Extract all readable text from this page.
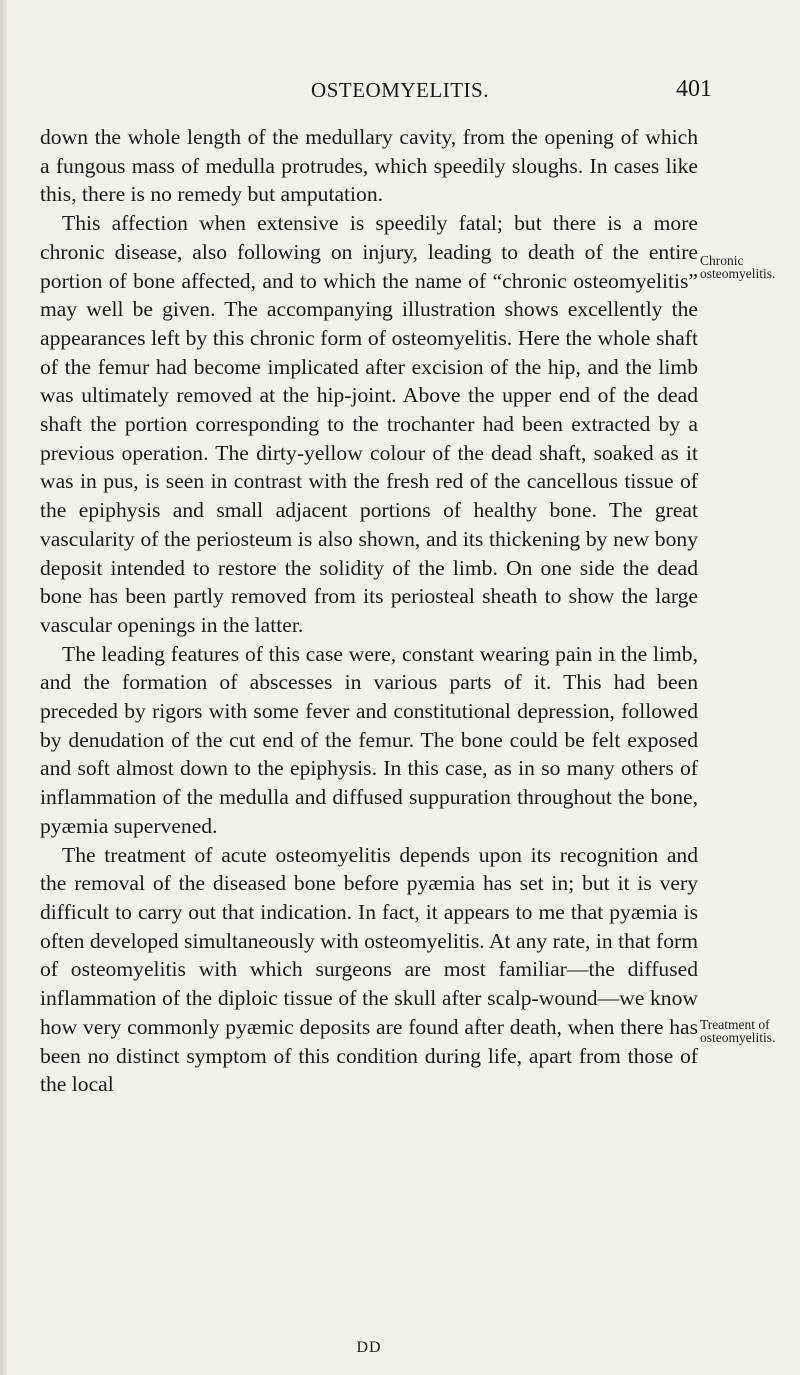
OSTEOMYELITIS.	401

down the whole length of the medullary cavity, from the opening of which a fungous mass of medulla protrudes, which speedily sloughs. In cases like this, there is no remedy but amputation.

This affection when extensive is speedily fatal; but there is a more chronic disease, also following on injury, leading to death of the entire portion of bone affected, and to which the name of “chronic osteomyelitis” may well be given. The accompanying illustration shows excellently the appearances left by this chronic form of osteomyelitis. Here the whole shaft of the femur had become implicated after excision of the hip, and the limb was ultimately removed at the hip-joint. Above the upper end of the dead shaft the portion corresponding to the trochanter had been extracted by a previous operation. The dirty-yellow colour of the dead shaft, soaked as it was in pus, is seen in contrast with the fresh red of the cancellous tissue of the epiphysis and small adjacent portions of healthy bone. The great vascularity of the periosteum is also shown, and its thickening by new bony deposit intended to restore the solidity of the limb. On one side the dead bone has been partly removed from its periosteal sheath to show the large vascular openings in the latter.

The leading features of this case were, constant wearing pain in the limb, and the formation of abscesses in various parts of it. This had been preceded by rigors with some fever and constitutional depression, followed by denudation of the cut end of the femur. The bone could be felt exposed and soft almost down to the epiphysis. In this case, as in so many others of inflammation of the medulla and diffused suppuration throughout the bone, pyæmia supervened.

The treatment of acute osteomyelitis depends upon its recognition and the removal of the diseased bone before pyæmia has set in; but it is very difficult to carry out that indication. In fact, it appears to me that pyæmia is often developed simultaneously with osteomyelitis. At any rate, in that form of osteomyelitis with which surgeons are most familiar—the diffused inflammation of the diploic tissue of the skull after scalp-wound—we know how very commonly pyæmic deposits are found after death, when there has been no distinct symptom of this condition during life, apart from those of the local

Chronic osteomyelitis.
Treatment of osteomyelitis.
DD
